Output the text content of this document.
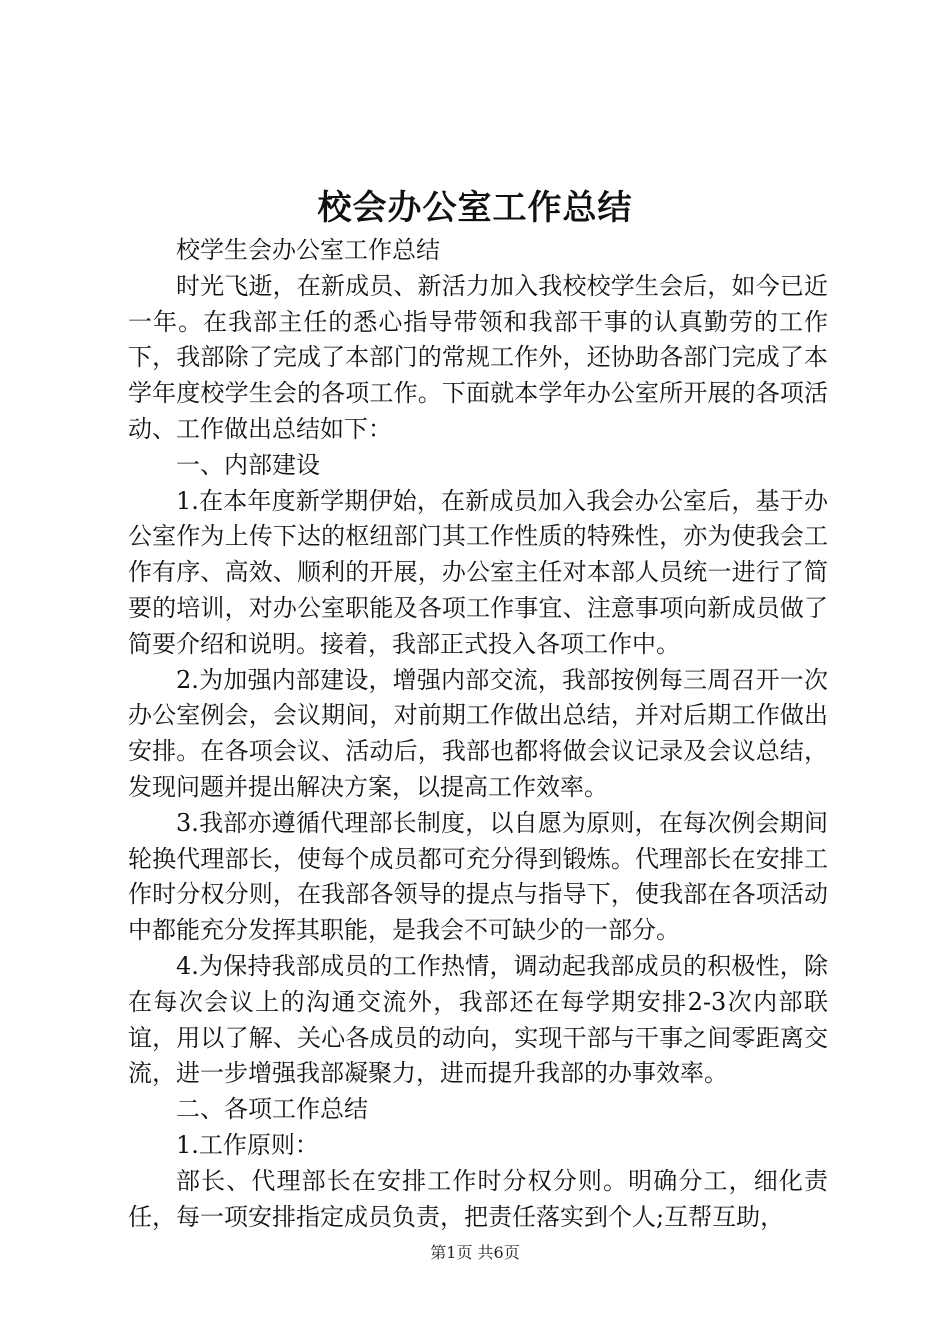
校会办公室工作总结

校学生会办公室工作总结

时光飞逝，在新成员、新活力加入我校校学生会后，如今已近一年。在我部主任的悉心指导带领和我部干事的认真勤劳的工作下，我部除了完成了本部门的常规工作外，还协助各部门完成了本学年度校学生会的各项工作。下面就本学年办公室所开展的各项活动、工作做出总结如下：

一、内部建设

1.在本年度新学期伊始，在新成员加入我会办公室后，基于办公室作为上传下达的枢纽部门其工作性质的特殊性，亦为使我会工作有序、高效、顺利的开展，办公室主任对本部人员统一进行了简要的培训，对办公室职能及各项工作事宜、注意事项向新成员做了简要介绍和说明。接着，我部正式投入各项工作中。

2.为加强内部建设，增强内部交流，我部按例每三周召开一次办公室例会，会议期间，对前期工作做出总结，并对后期工作做出安排。在各项会议、活动后，我部也都将做会议记录及会议总结，发现问题并提出解决方案，以提高工作效率。

3.我部亦遵循代理部长制度，以自愿为原则，在每次例会期间轮换代理部长，使每个成员都可充分得到锻炼。代理部长在安排工作时分权分则，在我部各领导的提点与指导下，使我部在各项活动中都能充分发挥其职能，是我会不可缺少的一部分。

4.为保持我部成员的工作热情，调动起我部成员的积极性，除在每次会议上的沟通交流外，我部还在每学期安排2-3次内部联谊，用以了解、关心各成员的动向，实现干部与干事之间零距离交流，进一步增强我部凝聚力，进而提升我部的办事效率。

二、各项工作总结

1.工作原则：

部长、代理部长在安排工作时分权分则。明确分工，细化责任，每一项安排指定成员负责，把责任落实到个人;互帮互助，

第1页 共6页
